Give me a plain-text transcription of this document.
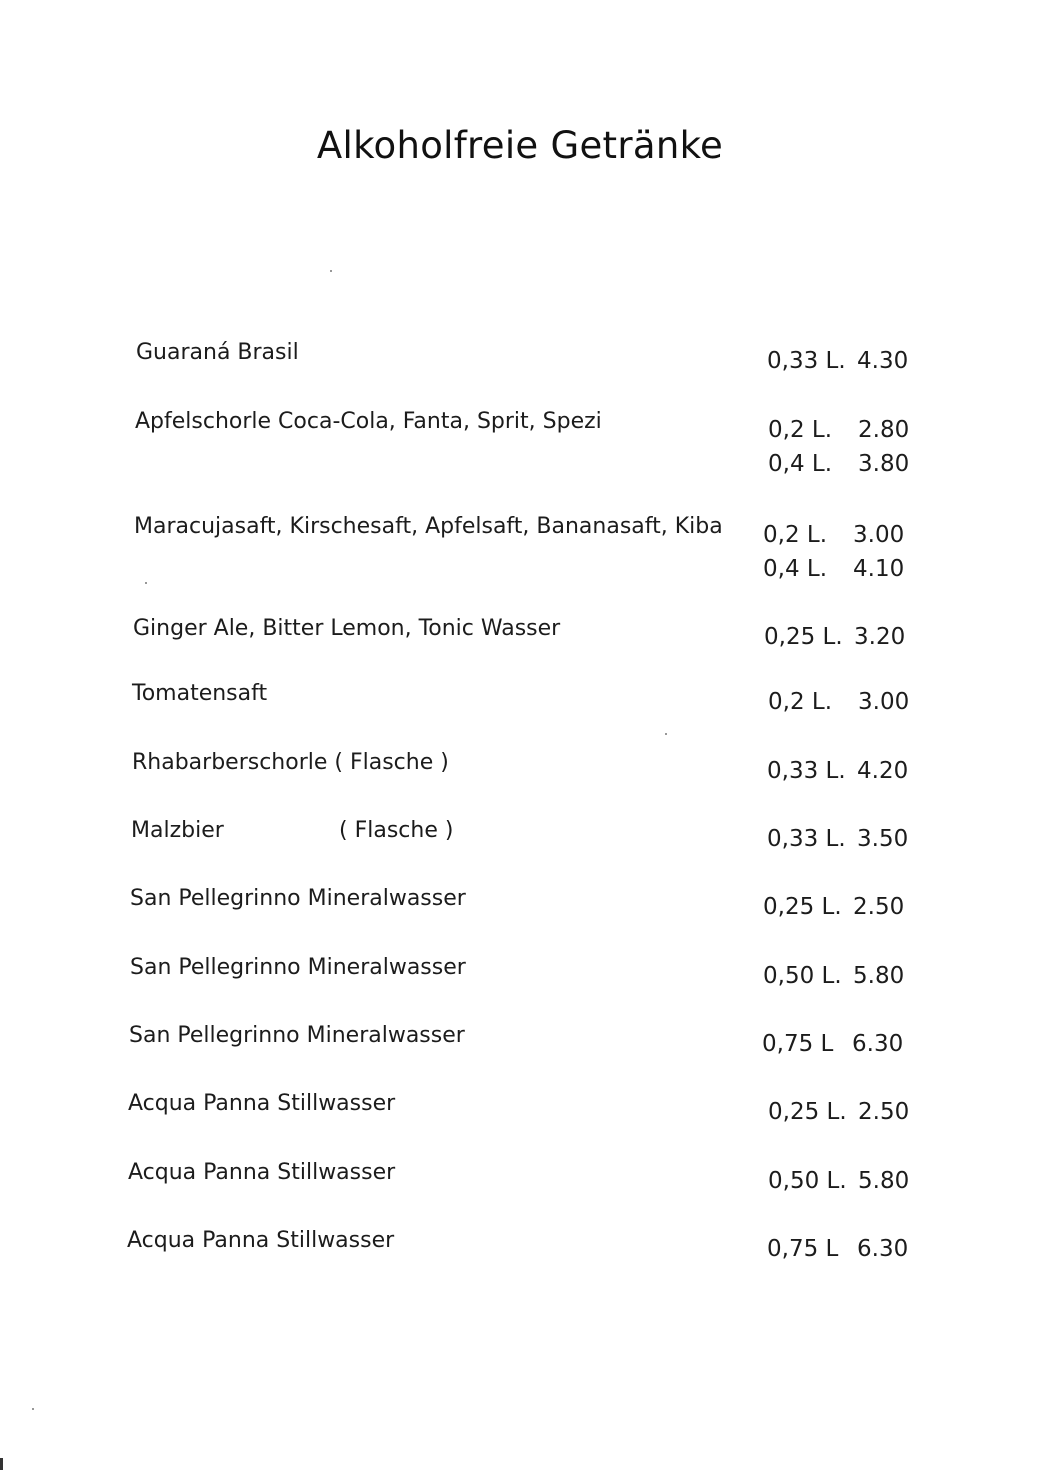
Alkoholfreie Getränke
Guaraná Brasil	0,33 L. 4.30
Apfelschorle Coca-Cola, Fanta, Sprit, Spezi	0,2 L. 2.80
0,4 L. 3.80
Maracujasaft, Kirschesaft, Apfelsaft, Bananasaft, Kiba 0,2 L. 3.00
0,4 L. 4.10
Ginger Ale, Bitter Lemon, Tonic Wasser	0,25 L. 3.20
Tomatensaft	0,2 L. 3.00
Rhabarberschorle ( Flasche )	0,33 L. 4.20
Malzbier	( Flasche )	0,33 L. 3.50
San Pellegrinno Mineralwasser	0,25 L. 2.50
San Pellegrinno Mineralwasser	0,50 L. 5.80
San Pellegrinno Mineralwasser	0,75 L 6.30
Acqua Panna Stillwasser	0,25 L. 2.50
Acqua Panna Stillwasser	0,50 L. 5.80
Acqua Panna Stillwasser	0,75 L 6.30
